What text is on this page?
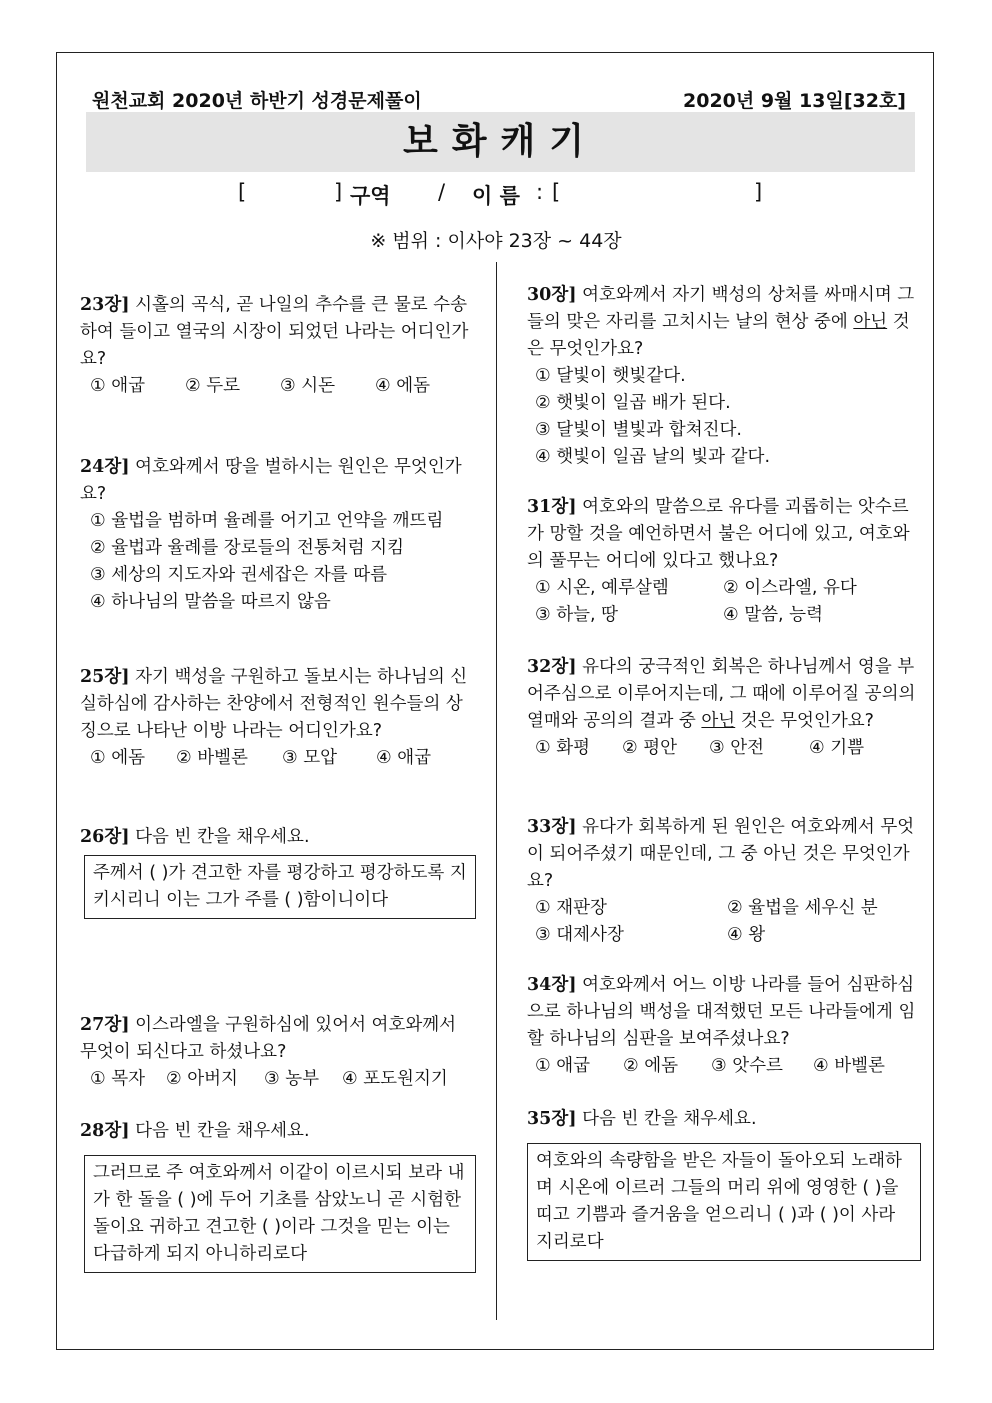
원천교회 2020년 하반기 성경문제풀이	2020년 9월 13일[32호]
보화캐기
[	] 구역 / 이 름 : [	]
※ 범위 : 이사야 23장 ~ 44장

23장] 시홀의 곡식, 곧 나일의 추수를 큰 물로 수송하여 들이고 열국의 시장이 되었던 나라는 어디인가요?

① 애굽	② 두로	③ 시돈	④ 에돔

24장] 여호와께서 땅을 벌하시는 원인은 무엇인가요?

① 율법을 범하며 율례를 어기고 언약을 깨뜨림
② 율법과 율례를 장로들의 전통처럼 지킴
③ 세상의 지도자와 권세잡은 자를 따름
④ 하나님의 말씀을 따르지 않음

25장] 자기 백성을 구원하고 돌보시는 하나님의 신실하심에 감사하는 찬양에서 전형적인 원수들의 상징으로 나타난 이방 나라는 어디인가요?

① 에돔	② 바벨론	③ 모압	④ 애굽

26장] 다음 빈 칸을 채우세요.

주께서 ( )가 견고한 자를 평강하고 평강하도록 지키시리니 이는 그가 주를 ( )함이니이다

27장] 이스라엘을 구원하심에 있어서 여호와께서 무엇이 되신다고 하셨나요?

① 목자	② 아버지	③ 농부	④ 포도원지기

28장] 다음 빈 칸을 채우세요.

그러므로 주 여호와께서 이같이 이르시되 보라 내가 한 돌을 ( )에 두어 기초를 삼았노니 곧 시험한 돌이요 귀하고 견고한 ( )이라 그것을 믿는 이는 다급하게 되지 아니하리로다

30장] 여호와께서 자기 백성의 상처를 싸매시며 그들의 맞은 자리를 고치시는 날의 현상 중에 아닌 것은 무엇인가요?

① 달빛이 햇빛같다.
② 햇빛이 일곱 배가 된다.
③ 달빛이 별빛과 합쳐진다.
④ 햇빛이 일곱 날의 빛과 같다.

31장] 여호와의 말씀으로 유다를 괴롭히는 앗수르가 망할 것을 예언하면서 불은 어디에 있고, 여호와의 풀무는 어디에 있다고 했나요?

① 시온, 예루살렘	② 이스라엘, 유다
③ 하늘, 땅	④ 말씀, 능력

32장] 유다의 궁극적인 회복은 하나님께서 영을 부어주심으로 이루어지는데, 그 때에 이루어질 공의의 열매와 공의의 결과 중 아닌 것은 무엇인가요?

① 화평	② 평안	③ 안전	④ 기쁨

33장] 유다가 회복하게 된 원인은 여호와께서 무엇이 되어주셨기 때문인데, 그 중 아닌 것은 무엇인가요?

① 재판장	② 율법을 세우신 분
③ 대제사장	④ 왕

34장] 여호와께서 어느 이방 나라를 들어 심판하심으로 하나님의 백성을 대적했던 모든 나라들에게 임할 하나님의 심판을 보여주셨나요?

① 애굽	② 에돔	③ 앗수르	④ 바벨론

35장] 다음 빈 칸을 채우세요.

여호와의 속량함을 받은 자들이 돌아오되 노래하며 시온에 이르러 그들의 머리 위에 영영한 ( )을 띠고 기쁨과 즐거움을 얻으리니 ( )과 ( )이 사라지리로다
